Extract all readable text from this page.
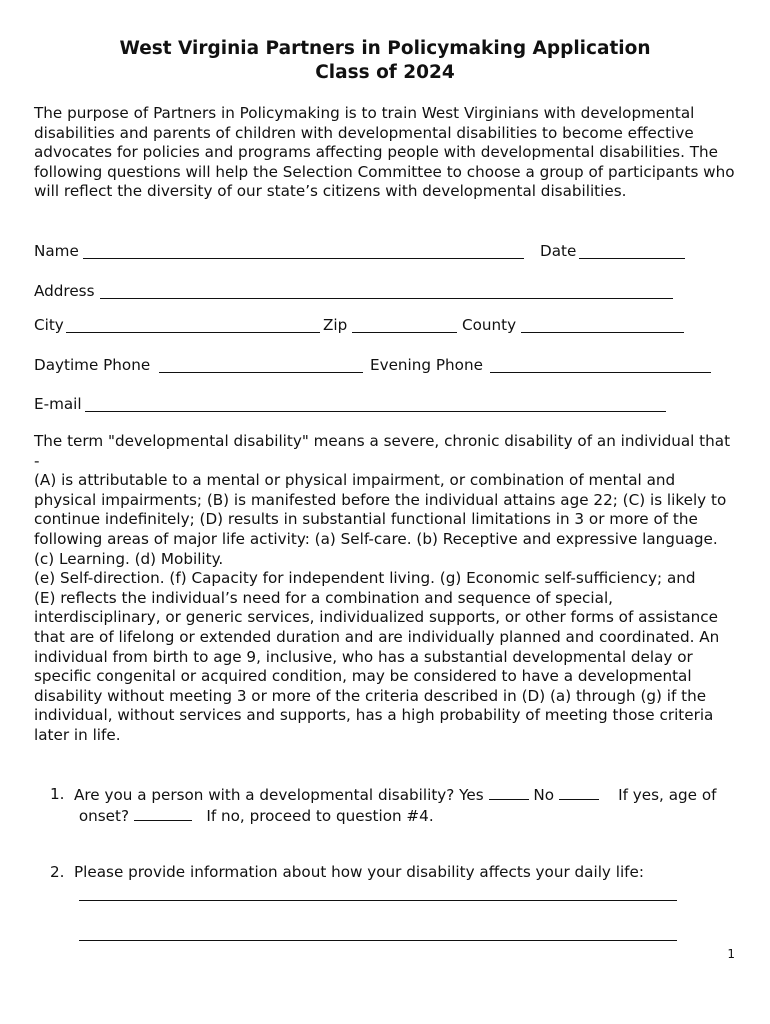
West Virginia Partners in Policymaking Application
Class of 2024

The purpose of Partners in Policymaking is to train West Virginians with developmental disabilities and parents of children with developmental disabilities to become effective advocates for policies and programs affecting people with developmental disabilities. The following questions will help the Selection Committee to choose a group of participants who will reflect the diversity of our state’s citizens with developmental disabilities.

Name	Date
Address
City	Zip	County
Daytime Phone	Evening Phone
E-mail
The term "developmental disability" means a severe, chronic disability of an individual that -
(A) is attributable to a mental or physical impairment, or combination of mental and physical impairments; (B) is manifested before the individual attains age 22; (C) is likely to continue indefinitely; (D) results in substantial functional limitations in 3 or more of the following areas of major life activity: (a) Self-care. (b) Receptive and expressive language. (c) Learning. (d) Mobility.
(e) Self-direction. (f) Capacity for independent living. (g) Economic self-sufficiency; and
(E) reflects the individual’s need for a combination and sequence of special, interdisciplinary, or generic services, individualized supports, or other forms of assistance that are of lifelong or extended duration and are individually planned and coordinated. An individual from birth to age 9, inclusive, who has a substantial developmental delay or specific congenital or acquired condition, may be considered to have a developmental disability without meeting 3 or more of the criteria described in (D) (a) through (g) if the individual, without services and supports, has a high probability of meeting those criteria later in life.
1. Are you a person with a developmental disability? Yes	No	If yes, age of
onset?	If no, proceed to question #4.
2. Please provide information about how your disability affects your daily life:
1
